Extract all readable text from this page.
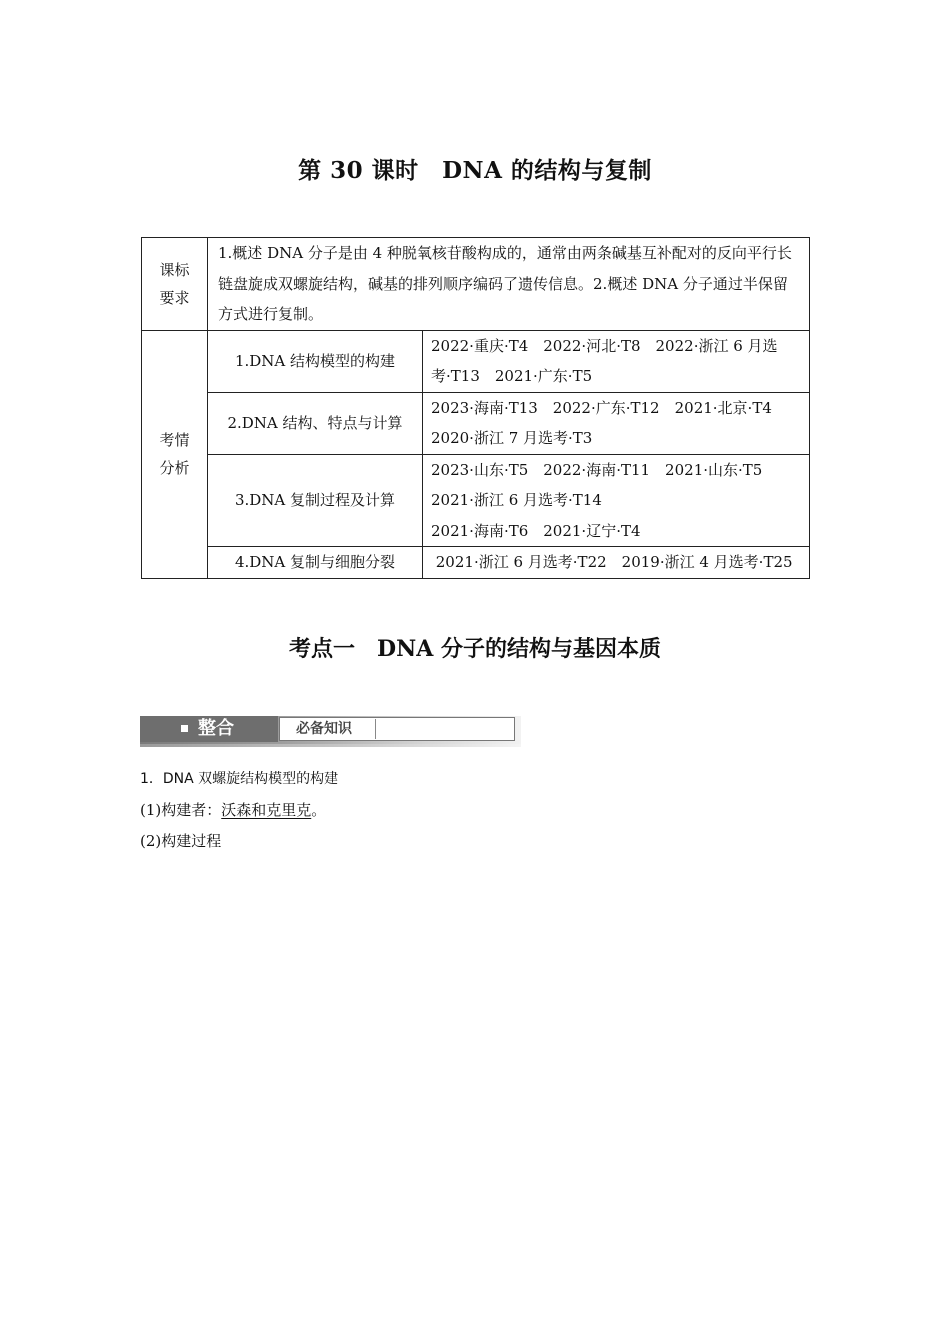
第 30 课时　DNA 的结构与复制
课标
要求	1.概述 DNA 分子是由 4 种脱氧核苷酸构成的，通常由两条碱基互补配对的反向平行长链盘旋成双螺旋结构，碱基的排列顺序编码了遗传信息。2.概述 DNA 分子通过半保留方式进行复制。	
考情
分析	1.DNA 结构模型的构建	2022·重庆·T4　2022·河北·T8　2022·浙江 6 月选
考·T13　2021·广东·T5

	2.DNA 结构、特点与计算	2023·海南·T13　2022·广东·T12　2021·北京·T4
2020·浙江 7 月选考·T3

	3.DNA 复制过程及计算	2023·山东·T5　2022·海南·T11　2021·山东·T5
2021·浙江 6 月选考·T14
2021·海南·T6　2021·辽宁·T4

	4.DNA 复制与细胞分裂	2021·浙江 6 月选考·T22　2019·浙江 4 月选考·T25
考点一　DNA 分子的结构与基因本质
整合	必备知识
1．DNA 双螺旋结构模型的构建
(1)构建者：沃森和克里克。
(2)构建过程
